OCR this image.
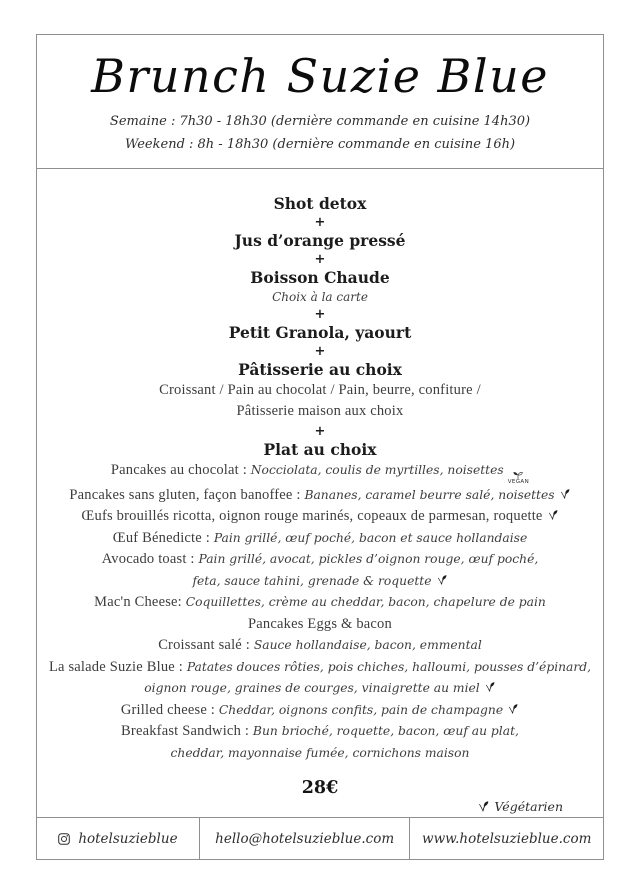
Brunch Suzie Blue
Semaine : 7h30 - 18h30 (dernière commande en cuisine 14h30)
Weekend : 8h - 18h30 (dernière commande en cuisine 16h)
Shot detox
+
Jus d’orange pressé
+
Boisson Chaude
Choix à la carte
+
Petit Granola, yaourt
+
Pâtisserie au choix
Croissant / Pain au chocolat / Pain, beurre, confiture /
Pâtisserie maison aux choix
+
Plat au choix
Pancakes au chocolat : Nocciolata, coulis de myrtilles, noisettes
VEGAN
Pancakes sans gluten, façon banoffee : Bananes, caramel beurre salé, noisettes
Œufs brouillés ricotta, oignon rouge marinés, copeaux de parmesan, roquette
Œuf Bénedicte : Pain grillé, œuf poché, bacon et sauce hollandaise
Avocado toast : Pain grillé, avocat, pickles d’oignon rouge, œuf poché,
feta, sauce tahini, grenade & roquette
Mac'n Cheese: Coquillettes, crème au cheddar, bacon, chapelure de pain
Pancakes Eggs & bacon
Croissant salé : Sauce hollandaise, bacon, emmental
La salade Suzie Blue : Patates douces rôties, pois chiches, halloumi, pousses d’épinard,
oignon rouge, graines de courges, vinaigrette au miel
Grilled cheese : Cheddar, oignons confits, pain de champagne
Breakfast Sandwich : Bun brioché, roquette, bacon, œuf au plat,
cheddar, mayonnaise fumée, cornichons maison
28€
Végétarien
hotelsuzieblue	hello@hotelsuzieblue.com www.hotelsuzieblue.com
